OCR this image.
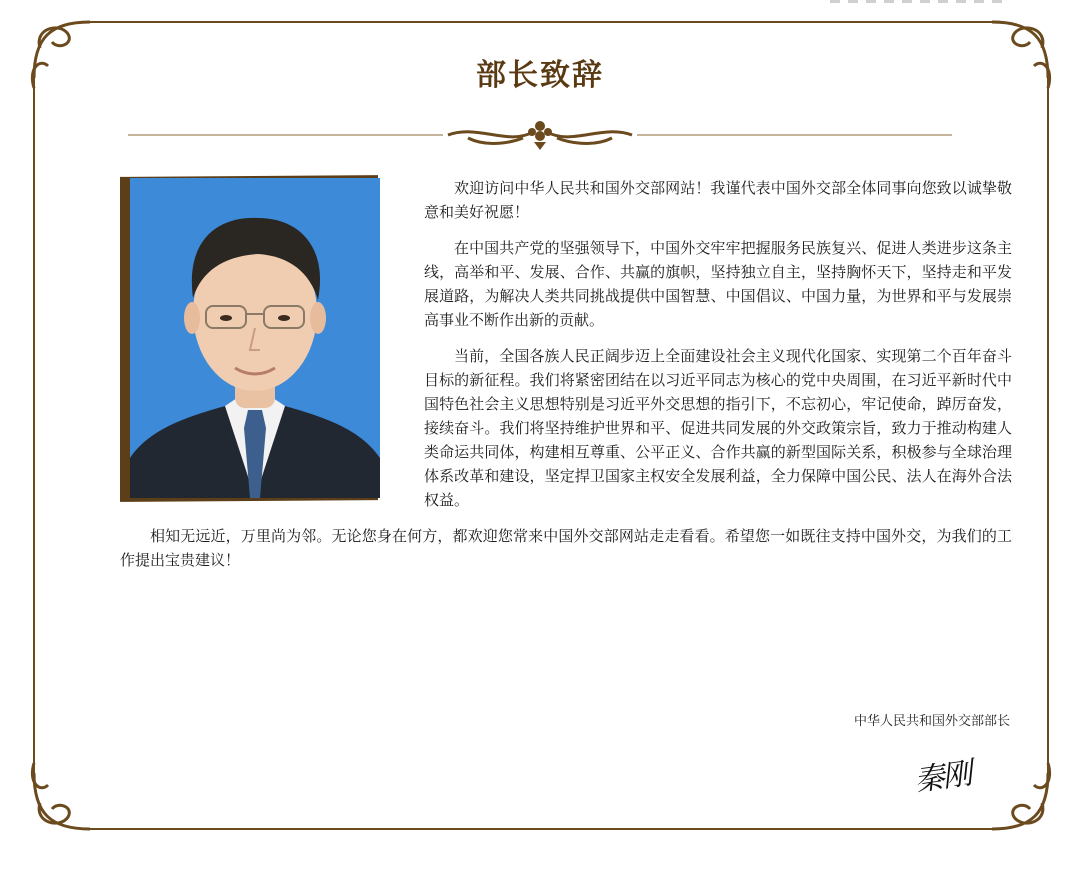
部长致辞

欢迎访问中华人民共和国外交部网站！我谨代表中国外交部全体同事向您致以诚挚敬意和美好祝愿！

在中国共产党的坚强领导下，中国外交牢牢把握服务民族复兴、促进人类进步这条主线，高举和平、发展、合作、共赢的旗帜，坚持独立自主，坚持胸怀天下，坚持走和平发展道路，为解决人类共同挑战提供中国智慧、中国倡议、中国力量，为世界和平与发展崇高事业不断作出新的贡献。

当前，全国各族人民正阔步迈上全面建设社会主义现代化国家、实现第二个百年奋斗目标的新征程。我们将紧密团结在以习近平同志为核心的党中央周围，在习近平新时代中国特色社会主义思想特别是习近平外交思想的指引下，不忘初心，牢记使命，踔厉奋发，接续奋斗。我们将坚持维护世界和平、促进共同发展的外交政策宗旨，致力于推动构建人类命运共同体，构建相互尊重、公平正义、合作共赢的新型国际关系，积极参与全球治理体系改革和建设，坚定捍卫国家主权安全发展利益，全力保障中国公民、法人在海外合法权益。

相知无远近，万里尚为邻。无论您身在何方，都欢迎您常来中国外交部网站走走看看。希望您一如既往支持中国外交，为我们的工作提出宝贵建议！

中华人民共和国外交部部长
秦刚
